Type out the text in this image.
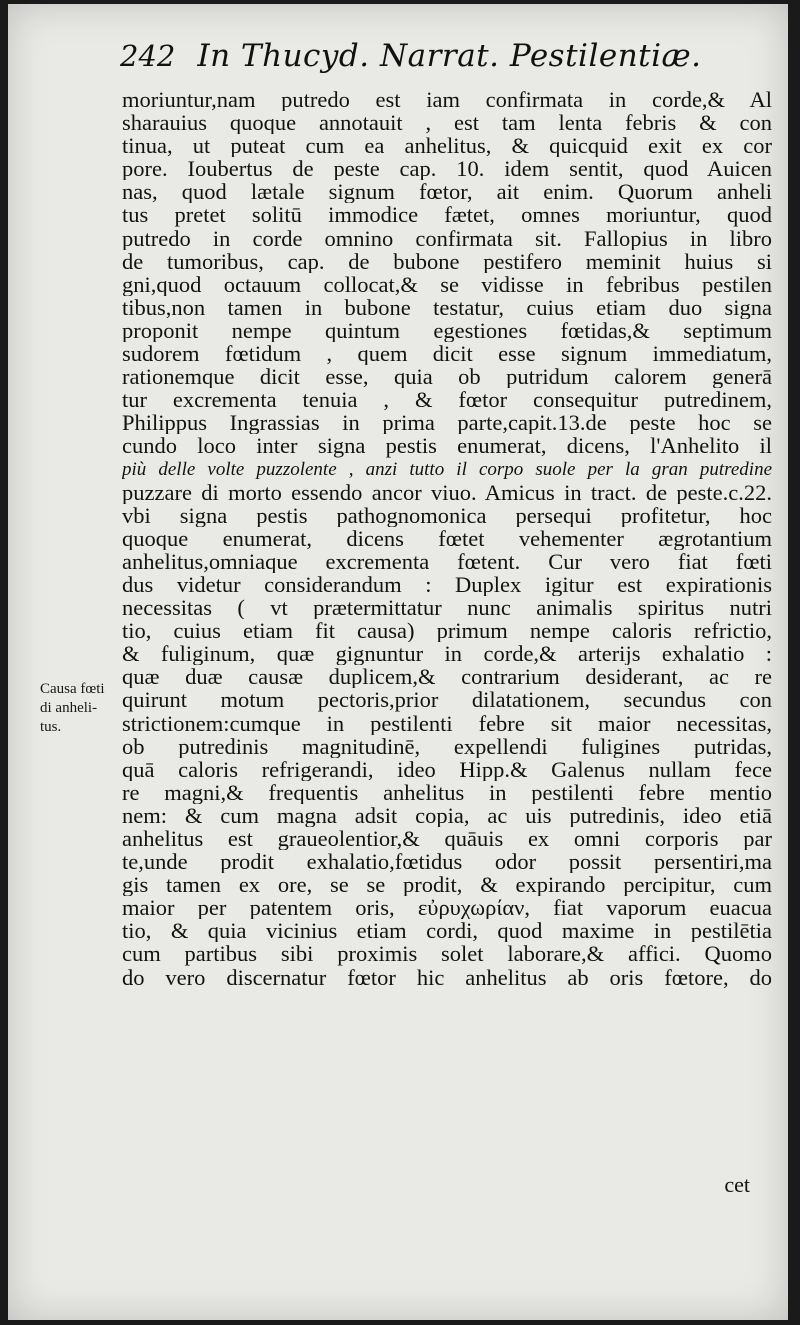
242 In Thucyd. Narrat. Pestilentiæ.
moriuntur,nam putredo est iam confirmata in corde,& Al
sharauius quoque annotauit , est tam lenta febris & con
tinua, ut puteat cum ea anhelitus, & quicquid exit ex cor
pore. Ioubertus de peste cap. 10. idem sentit, quod Auicen
nas, quod lætale signum fœtor, ait enim. Quorum anheli
tus pretet solitū immodice fætet, omnes moriuntur, quod
putredo in corde omnino confirmata sit. Fallopius in libro
de tumoribus, cap. de bubone pestifero meminit huius si
gni,quod octauum collocat,& se vidisse in febribus pestilen
tibus,non tamen in bubone testatur, cuius etiam duo signa
proponit nempe quintum egestiones fœtidas,& septimum
sudorem fœtidum , quem dicit esse signum immediatum,
rationemque dicit esse, quia ob putridum calorem generā
tur excrementa tenuia , & fœtor consequitur putredinem,
Philippus Ingrassias in prima parte,capit.13.de peste hoc se
cundo loco inter signa pestis enumerat, dicens, l'Anhelito il
più delle volte puzzolente , anzi tutto il corpo suole per la gran putredine
puzzare di morto essendo ancor viuo. Amicus in tract. de peste.c.22.
vbi signa pestis pathognomonica persequi profitetur, hoc
quoque enumerat, dicens fœtet vehementer ægrotantium
anhelitus,omniaque excrementa fœtent. Cur vero fiat fœti
dus videtur considerandum : Duplex igitur est expirationis
necessitas ( vt prætermittatur nunc animalis spiritus nutri
tio, cuius etiam fit causa) primum nempe caloris refrictio,
& fuliginum, quæ gignuntur in corde,& arterijs exhalatio :
quæ duæ causæ duplicem,& contrarium desiderant, ac re
quirunt motum pectoris,prior dilatationem, secundus con
strictionem:cumque in pestilenti febre sit maior necessitas,
ob putredinis magnitudinē, expellendi fuligines putridas,
quā caloris refrigerandi, ideo Hipp.& Galenus nullam fece
re magni,& frequentis anhelitus in pestilenti febre mentio
nem: & cum magna adsit copia, ac uis putredinis, ideo etiā
anhelitus est graueolentior,& quāuis ex omni corporis par
te,unde prodit exhalatio,fœtidus odor possit persentiri,ma
gis tamen ex ore, se se prodit, & expirando percipitur, cum
maior per patentem oris, εὐρυχωρίαν, fiat vaporum euacua
tio, & quia vicinius etiam cordi, quod maxime in pestilētia
cum partibus sibi proximis solet laborare,& affici. Quomo
do vero discernatur fœtor hic anhelitus ab oris fœtore, do
Causa fœti
di anheli-
tus.
cet
